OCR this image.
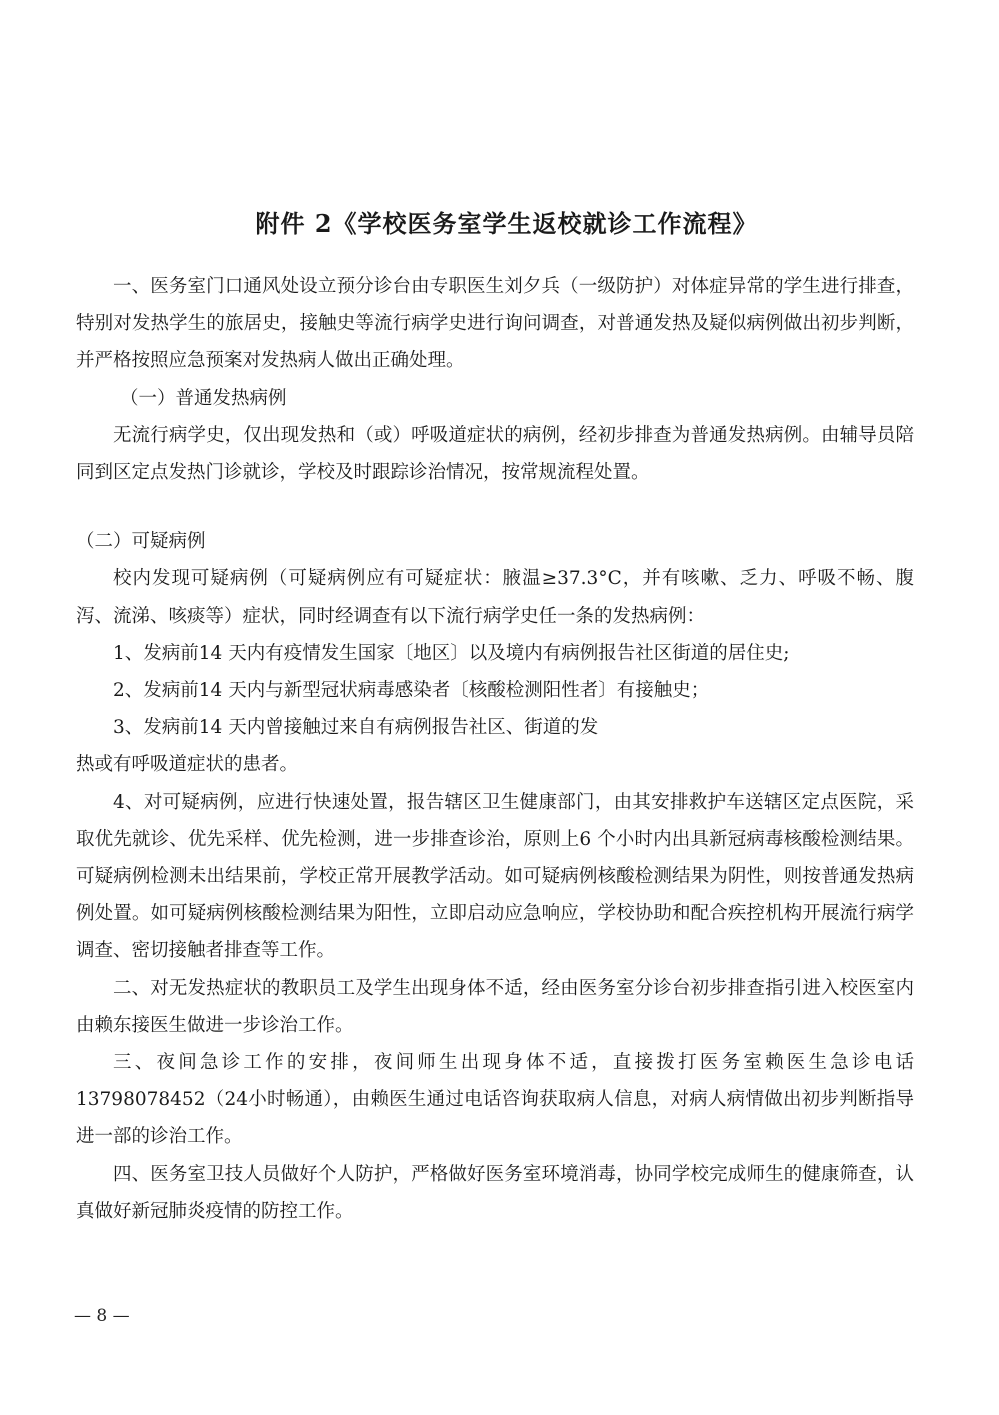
附件 2《学校医务室学生返校就诊工作流程》

一、医务室门口通风处设立预分诊台由专职医生刘夕兵（一级防护）对体症异常的学生进行排查，特别对发热学生的旅居史，接触史等流行病学史进行询问调查，对普通发热及疑似病例做出初步判断，并严格按照应急预案对发热病人做出正确处理。

（一）普通发热病例

无流行病学史，仅出现发热和（或）呼吸道症状的病例，经初步排查为普通发热病例。由辅导员陪同到区定点发热门诊就诊，学校及时跟踪诊治情况，按常规流程处置。

（二）可疑病例

校内发现可疑病例（可疑病例应有可疑症状：腋温≥37.3°C，并有咳嗽、乏力、呼吸不畅、腹泻、流涕、咳痰等）症状，同时经调查有以下流行病学史任一条的发热病例：

1、发病前14 天内有疫情发生国家〔地区〕以及境内有病例报告社区街道的居住史;

2、发病前14 天内与新型冠状病毒感染者〔核酸检测阳性者〕有接触史；

3、发病前14 天内曾接触过来自有病例报告社区、街道的发

热或有呼吸道症状的患者。

4、对可疑病例，应进行快速处置，报告辖区卫生健康部门，由其安排救护车送辖区定点医院，采取优先就诊、优先采样、优先检测，进一步排查诊治，原则上6 个小时内出具新冠病毒核酸检测结果。可疑病例检测未出结果前，学校正常开展教学活动。如可疑病例核酸检测结果为阴性，则按普通发热病例处置。如可疑病例核酸检测结果为阳性，立即启动应急响应，学校协助和配合疾控机构开展流行病学调查、密切接触者排查等工作。

二、对无发热症状的教职员工及学生出现身体不适，经由医务室分诊台初步排查指引进入校医室内由赖东接医生做进一步诊治工作。

三、夜间急诊工作的安排，夜间师生出现身体不适，直接拨打医务室赖医生急诊电话13798078452（24小时畅通），由赖医生通过电话咨询获取病人信息，对病人病情做出初步判断指导进一部的诊治工作。

四、医务室卫技人员做好个人防护，严格做好医务室环境消毒，协同学校完成师生的健康筛查，认真做好新冠肺炎疫情的防控工作。

— 8 —
